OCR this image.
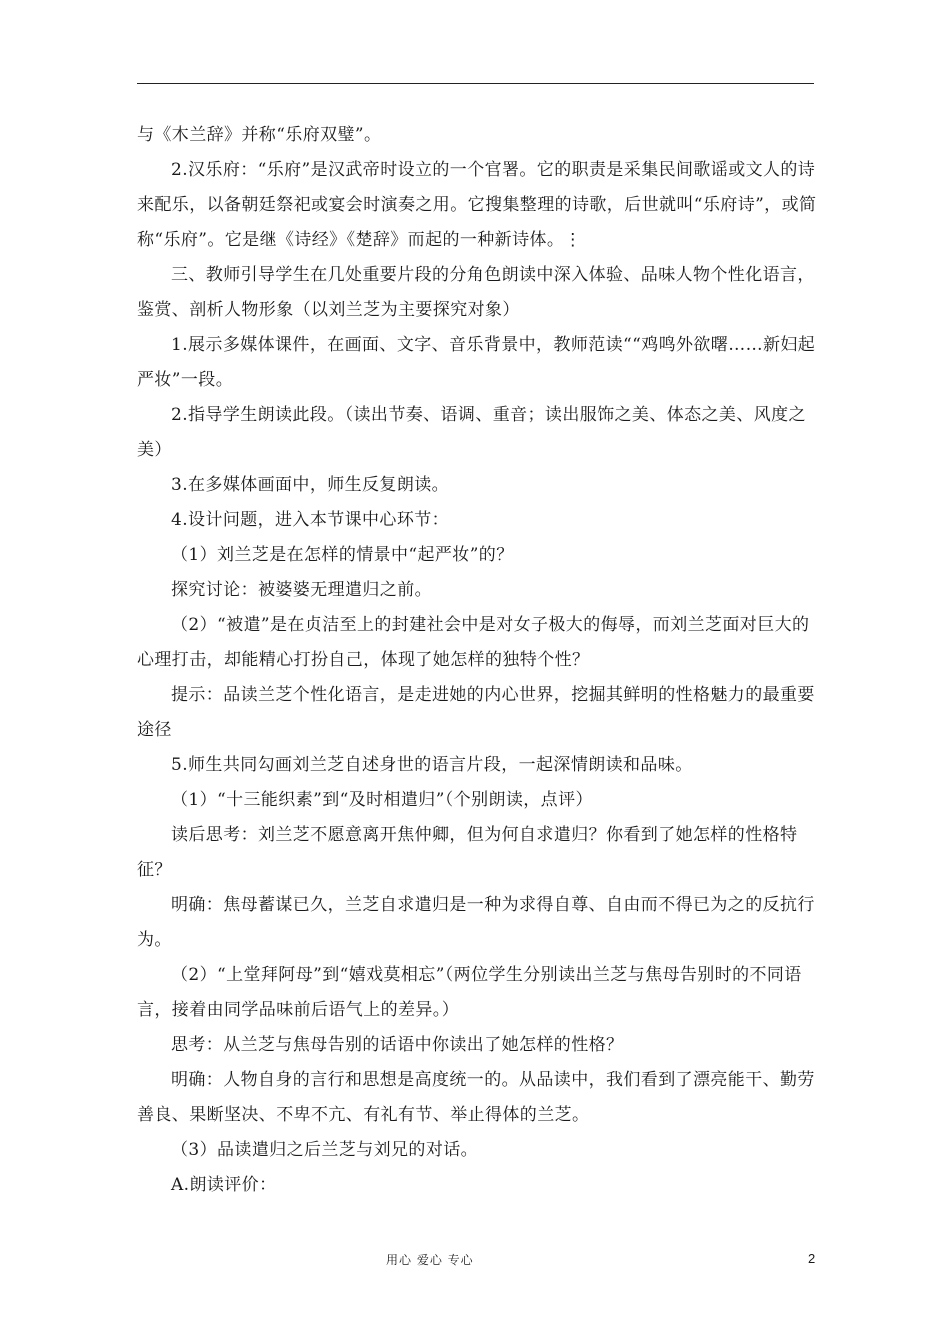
与《木兰辞》并称“乐府双璧”。

2.汉乐府：“乐府”是汉武帝时设立的一个官署。它的职责是采集民间歌谣或文人的诗来配乐，以备朝廷祭祀或宴会时演奏之用。它搜集整理的诗歌，后世就叫“乐府诗”，或简称“乐府”。它是继《诗经》《楚辞》而起的一种新诗体。⋮

三、教师引导学生在几处重要片段的分角色朗读中深入体验、品味人物个性化语言，鉴赏、剖析人物形象（以刘兰芝为主要探究对象）

1.展示多媒体课件，在画面、文字、音乐背景中，教师范读““鸡鸣外欲曙……新妇起严妆”一段。

2.指导学生朗读此段。（读出节奏、语调、重音；读出服饰之美、体态之美、风度之美）

3.在多媒体画面中，师生反复朗读。

4.设计问题，进入本节课中心环节：

（1）刘兰芝是在怎样的情景中“起严妆”的？

探究讨论：被婆婆无理遣归之前。

（2）“被遣”是在贞洁至上的封建社会中是对女子极大的侮辱，而刘兰芝面对巨大的心理打击，却能精心打扮自己，体现了她怎样的独特个性？

提示：品读兰芝个性化语言，是走进她的内心世界，挖掘其鲜明的性格魅力的最重要途径

5.师生共同勾画刘兰芝自述身世的语言片段，一起深情朗读和品味。

（1）“十三能织素”到“及时相遣归”（个别朗读，点评）

读后思考：刘兰芝不愿意离开焦仲卿，但为何自求遣归？你看到了她怎样的性格特征？

明确：焦母蓄谋已久，兰芝自求遣归是一种为求得自尊、自由而不得已为之的反抗行为。

（2）“上堂拜阿母”到“嬉戏莫相忘”（两位学生分别读出兰芝与焦母告别时的不同语言，接着由同学品味前后语气上的差异。）

思考：从兰芝与焦母告别的话语中你读出了她怎样的性格？

明确：人物自身的言行和思想是高度统一的。从品读中，我们看到了漂亮能干、勤劳善良、果断坚决、不卑不亢、有礼有节、举止得体的兰芝。

（3）品读遣归之后兰芝与刘兄的对话。

A.朗读评价：

用心 爱心 专心	2
